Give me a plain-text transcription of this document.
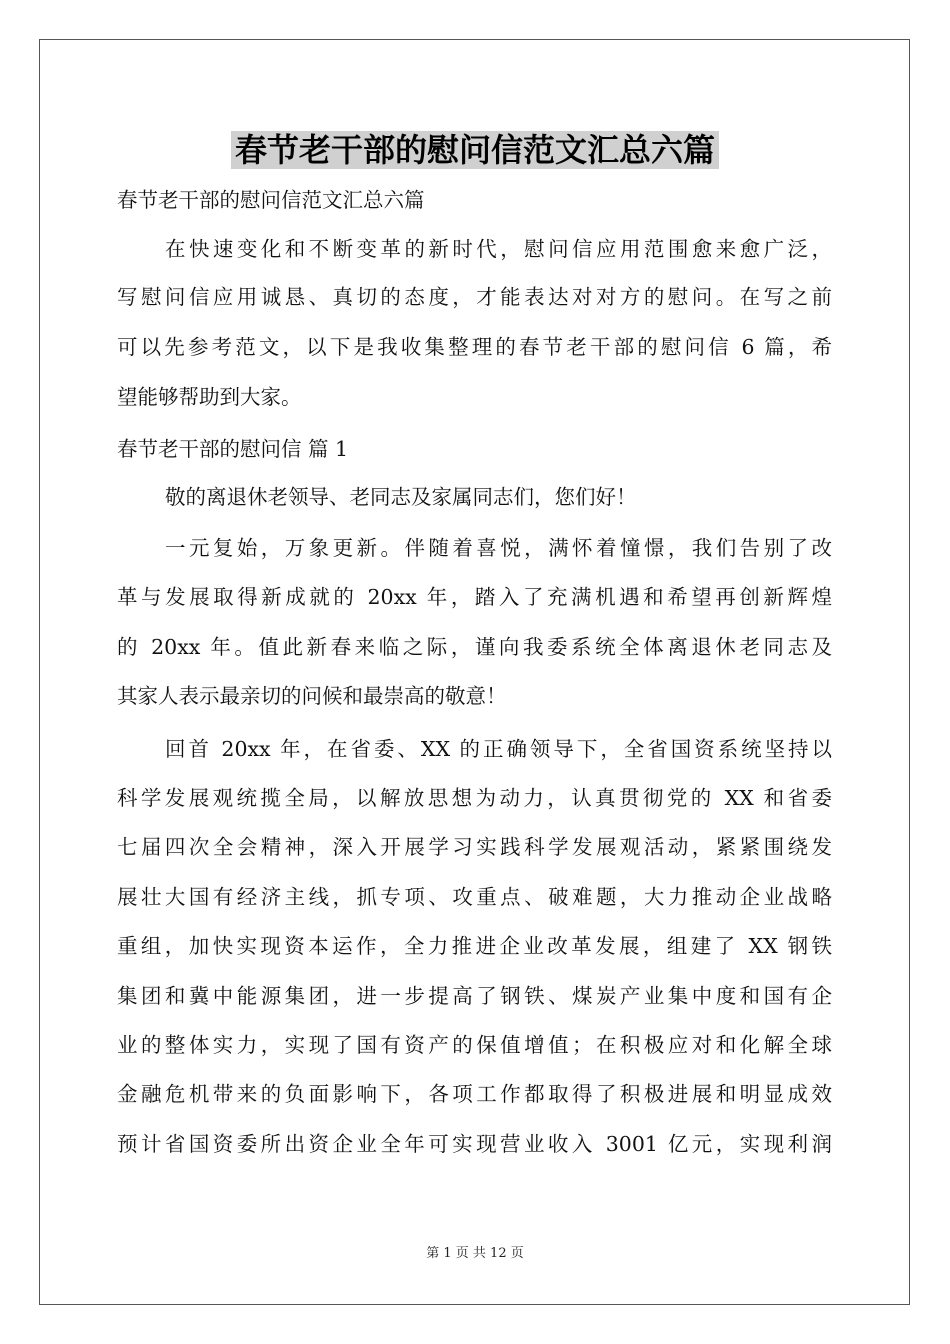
春节老干部的慰问信范文汇总六篇
春节老干部的慰问信范文汇总六篇
在快速变化和不断变革的新时代，慰问信应用范围愈来愈广泛，
写慰问信应用诚恳、真切的态度，才能表达对对方的慰问。在写之前
可以先参考范文，以下是我收集整理的春节老干部的慰问信 6 篇，希
望能够帮助到大家。
春节老干部的慰问信 篇 1
敬的离退休老领导、老同志及家属同志们，您们好！
一元复始，万象更新。伴随着喜悦，满怀着憧憬，我们告别了改
革与发展取得新成就的 20xx 年，踏入了充满机遇和希望再创新辉煌
的 20xx 年。值此新春来临之际，谨向我委系统全体离退休老同志及
其家人表示最亲切的问候和最崇高的敬意！
回首 20xx 年，在省委、XX 的正确领导下，全省国资系统坚持以
科学发展观统揽全局，以解放思想为动力，认真贯彻党的 XX 和省委
七届四次全会精神，深入开展学习实践科学发展观活动，紧紧围绕发
展壮大国有经济主线，抓专项、攻重点、破难题，大力推动企业战略
重组，加快实现资本运作，全力推进企业改革发展，组建了 XX 钢铁
集团和冀中能源集团，进一步提高了钢铁、煤炭产业集中度和国有企
业的整体实力，实现了国有资产的保值增值；在积极应对和化解全球
金融危机带来的负面影响下，各项工作都取得了积极进展和明显成效
预计省国资委所出资企业全年可实现营业收入 3001 亿元，实现利润
第 1 页 共 12 页
